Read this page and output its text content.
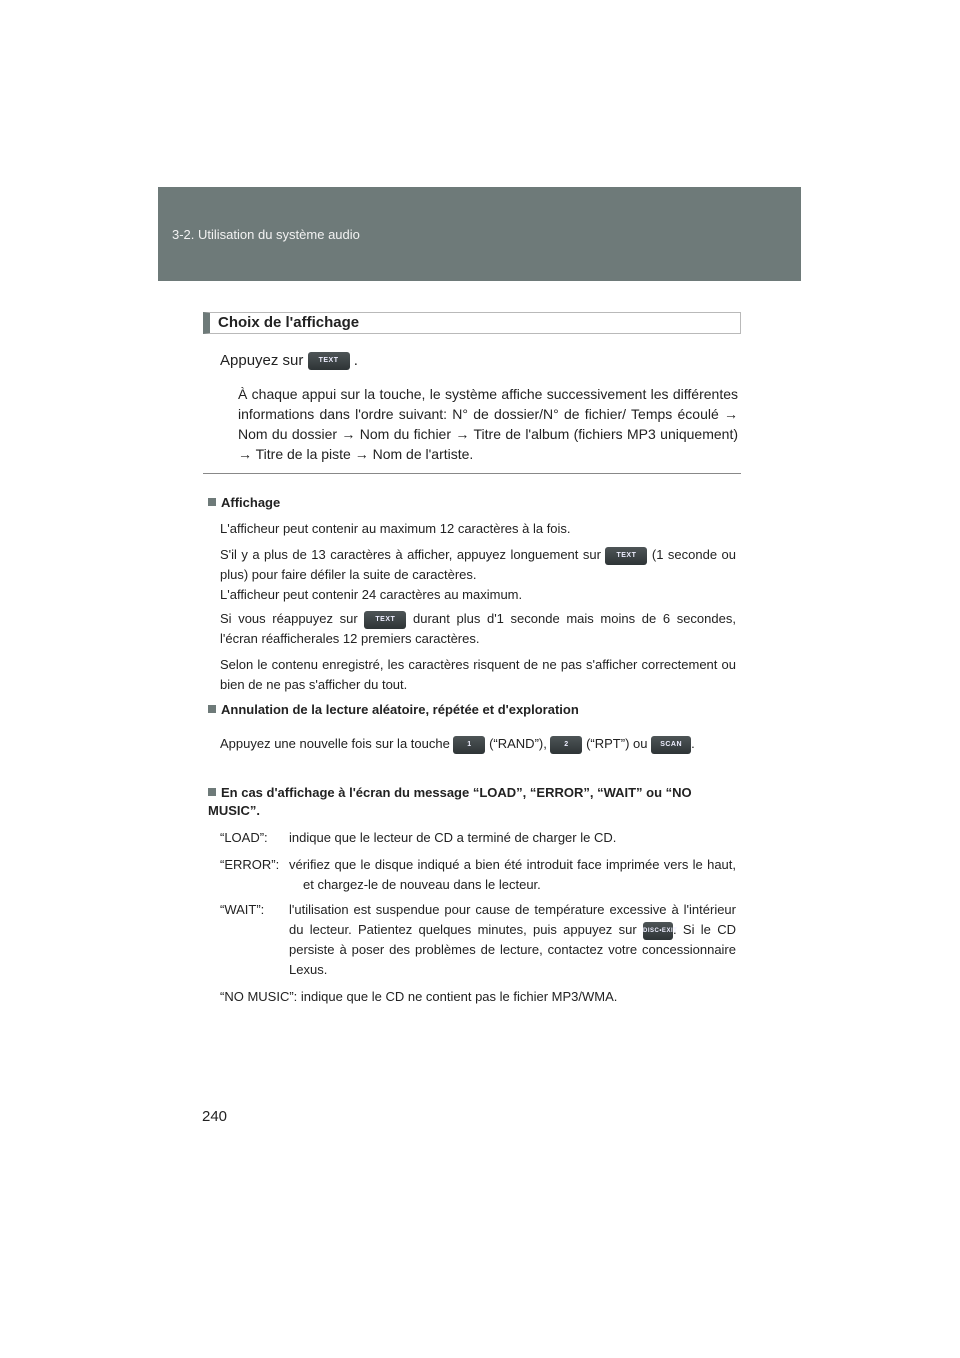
3-2. Utilisation du système audio
Choix de l'affichage
Appuyez sur TEXT .
À chaque appui sur la touche, le système affiche successivement les différentes informations dans l'ordre suivant: N° de dossier/N° de fichier/ Temps écoulé → Nom du dossier → Nom du fichier → Titre de l'album (fichiers MP3 uniquement) → Titre de la piste → Nom de l'artiste.
Affichage
L'afficheur peut contenir au maximum 12 caractères à la fois.
S'il y a plus de 13 caractères à afficher, appuyez longuement sur TEXT (1 seconde ou plus) pour faire défiler la suite de caractères.
L'afficheur peut contenir 24 caractères au maximum.
Si vous réappuyez sur	TEXT durant plus d'1 seconde mais moins de 6 secondes, l'écran réafficherales 12 premiers caractères.
Selon le contenu enregistré, les caractères risquent de ne pas s'afficher correctement ou bien de ne pas s'afficher du tout.
Annulation de la lecture aléatoire, répétée et d'exploration
Appuyez une nouvelle fois sur la touche 1 (“RAND”), 2 (“RPT”) ou SCAN .
En cas d'affichage à l'écran du message “LOAD”, “ERROR”, “WAIT” ou “NO MUSIC”.
“LOAD”: indique que le lecteur de CD a terminé de charger le CD.
“ERROR”: vérifiez que le disque indiqué a bien été introduit face imprimée vers le haut, et chargez-le de nouveau dans le lecteur.
“WAIT”: l'utilisation est suspendue pour cause de température excessive à l'intérieur du lecteur. Patientez quelques minutes, puis appuyez sur DISC•EXIT. Si le CD persiste à poser des problèmes de lecture, contactez votre concessionnaire Lexus.
“NO MUSIC”: indique que le CD ne contient pas le fichier MP3/WMA.
240
